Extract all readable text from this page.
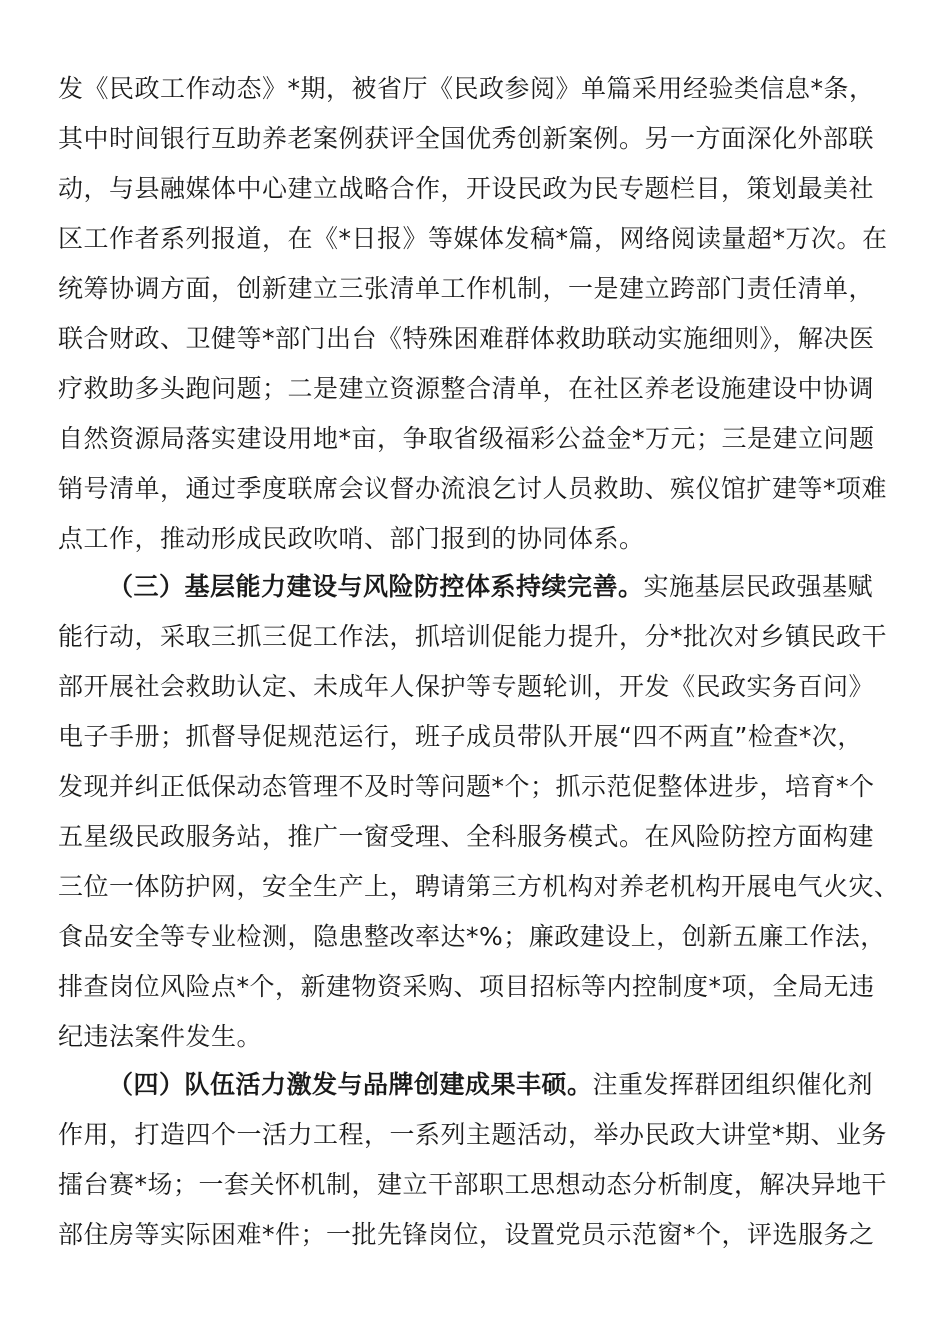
发《民政工作动态》*期，被省厅《民政参阅》单篇采用经验类信息*条，
其中时间银行互助养老案例获评全国优秀创新案例。另一方面深化外部联
动，与县融媒体中心建立战略合作，开设民政为民专题栏目，策划最美社
区工作者系列报道，在《*日报》等媒体发稿*篇，网络阅读量超*万次。在
统筹协调方面，创新建立三张清单工作机制，一是建立跨部门责任清单，
联合财政、卫健等*部门出台《特殊困难群体救助联动实施细则》，解决医
疗救助多头跑问题；二是建立资源整合清单，在社区养老设施建设中协调
自然资源局落实建设用地*亩，争取省级福彩公益金*万元；三是建立问题
销号清单，通过季度联席会议督办流浪乞讨人员救助、殡仪馆扩建等*项难
点工作，推动形成民政吹哨、部门报到的协同体系。
（三）基层能力建设与风险防控体系持续完善。实施基层民政强基赋
能行动，采取三抓三促工作法，抓培训促能力提升，分*批次对乡镇民政干
部开展社会救助认定、未成年人保护等专题轮训，开发《民政实务百问》
电子手册；抓督导促规范运行，班子成员带队开展“四不两直”检查*次，
发现并纠正低保动态管理不及时等问题*个；抓示范促整体进步，培育*个
五星级民政服务站，推广一窗受理、全科服务模式。在风险防控方面构建
三位一体防护网，安全生产上，聘请第三方机构对养老机构开展电气火灾、
食品安全等专业检测，隐患整改率达*%；廉政建设上，创新五廉工作法，
排查岗位风险点*个，新建物资采购、项目招标等内控制度*项，全局无违
纪违法案件发生。
（四）队伍活力激发与品牌创建成果丰硕。注重发挥群团组织催化剂
作用，打造四个一活力工程，一系列主题活动，举办民政大讲堂*期、业务
擂台赛*场；一套关怀机制，建立干部职工思想动态分析制度，解决异地干
部住房等实际困难*件；一批先锋岗位，设置党员示范窗*个，评选服务之
